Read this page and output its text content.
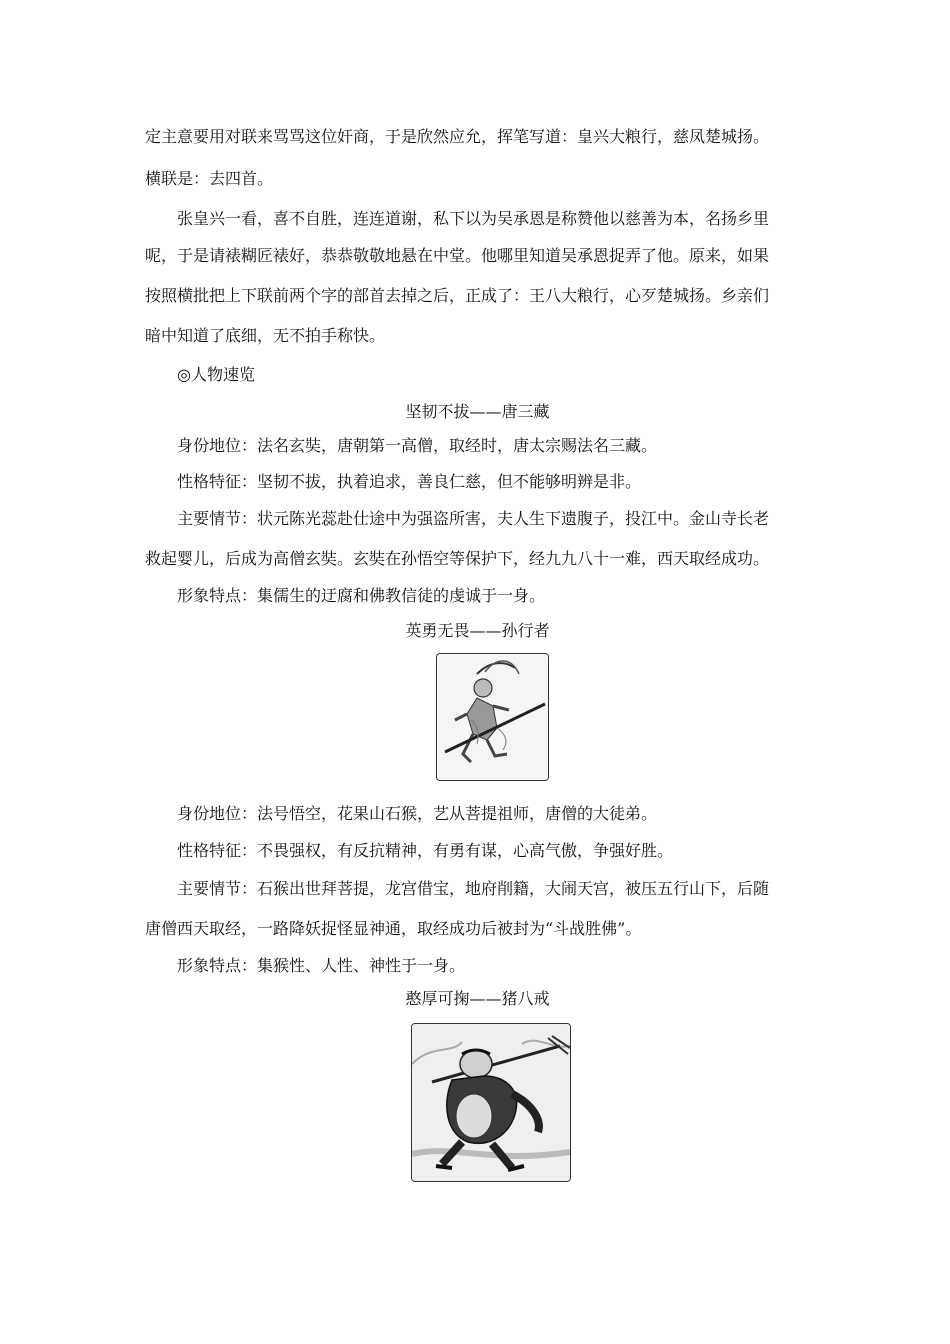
定主意要用对联来骂骂这位奸商，于是欣然应允，挥笔写道：皇兴大粮行，慈凤楚城扬。
横联是：去四首。
张皇兴一看，喜不自胜，连连道谢，私下以为吴承恩是称赞他以慈善为本，名扬乡里
呢，于是请裱糊匠裱好，恭恭敬敬地悬在中堂。他哪里知道吴承恩捉弄了他。原来，如果
按照横批把上下联前两个字的部首去掉之后，正成了：王八大粮行，心歹楚城扬。乡亲们
暗中知道了底细，无不拍手称快。
◎人物速览
坚韧不拔——唐三藏
身份地位：法名玄奘，唐朝第一高僧，取经时，唐太宗赐法名三藏。
性格特征：坚韧不拔，执着追求，善良仁慈，但不能够明辨是非。
主要情节：状元陈光蕊赴仕途中为强盗所害，夫人生下遗腹子，投江中。金山寺长老
救起婴儿，后成为高僧玄奘。玄奘在孙悟空等保护下，经九九八十一难，西天取经成功。
形象特点：集儒生的迂腐和佛教信徒的虔诚于一身。
英勇无畏——孙行者
身份地位：法号悟空，花果山石猴，艺从菩提祖师，唐僧的大徒弟。
性格特征：不畏强权，有反抗精神，有勇有谋，心高气傲，争强好胜。
主要情节：石猴出世拜菩提，龙宫借宝，地府削籍，大闹天宫，被压五行山下，后随
唐僧西天取经，一路降妖捉怪显神通，取经成功后被封为“斗战胜佛”。
形象特点：集猴性、人性、神性于一身。
憨厚可掬——猪八戒
